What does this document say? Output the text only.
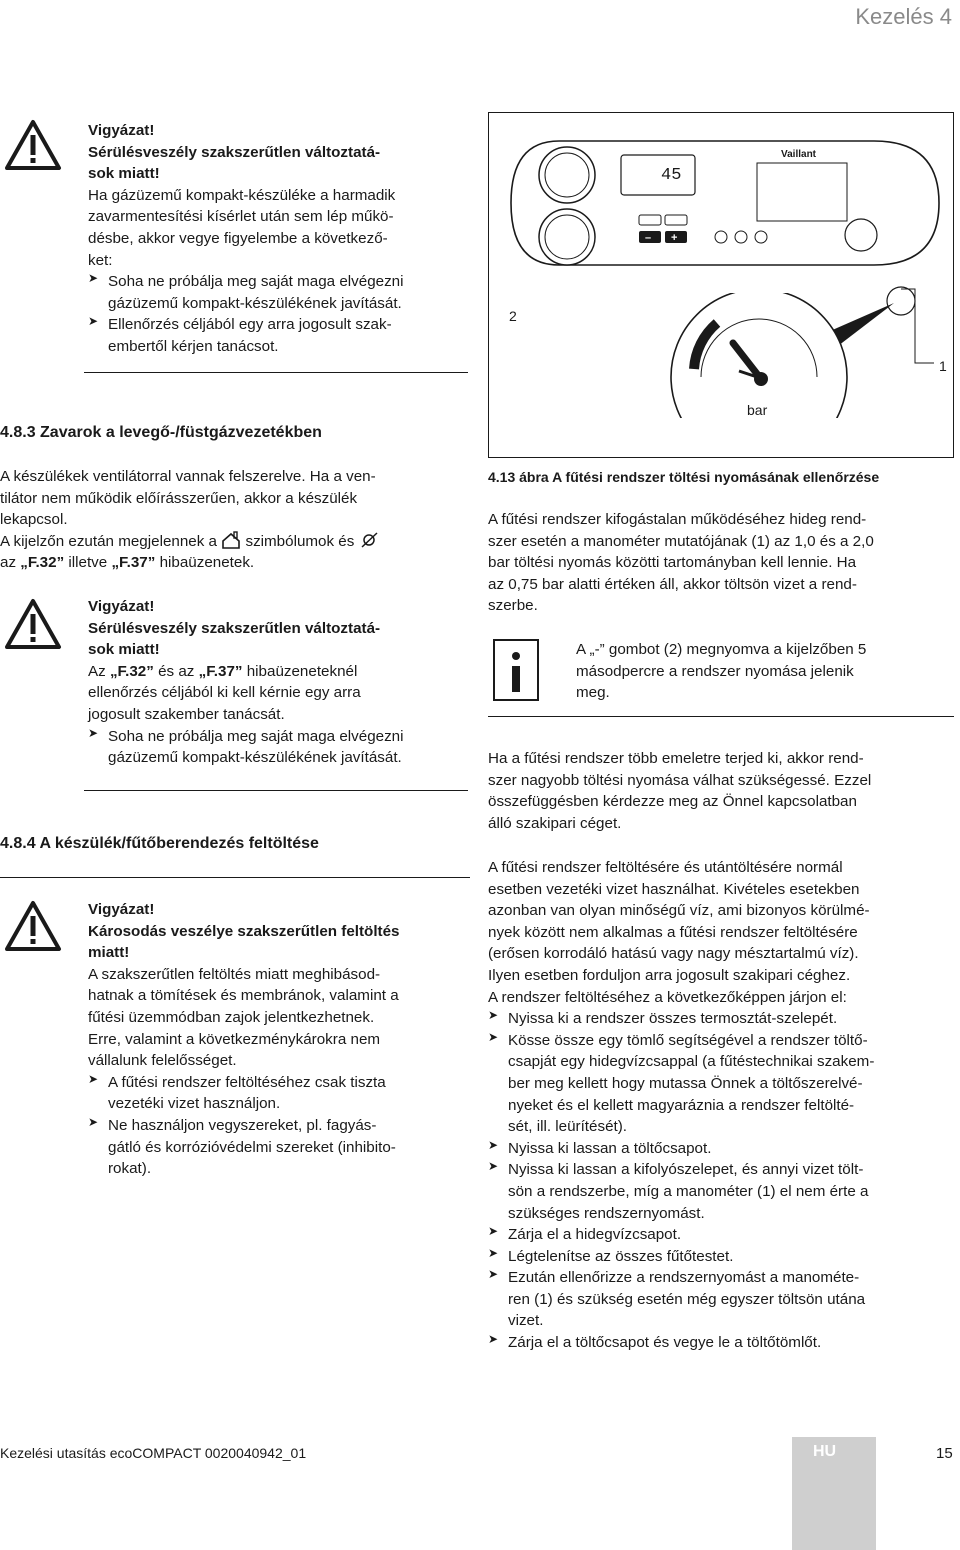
Kezelés 4

Vigyázat!

Sérülésveszély szakszerűtlen változtatá-

sok miatt!

Ha gázüzemű kompakt-készüléke a harmadik

zavarmentesítési kísérlet után sem lép műkö-

désbe, akkor vegye figyelembe a következő-

ket:

➤ Soha ne próbálja meg saját maga elvégezni

gázüzemű kompakt-készülékének javítását.

➤ Ellenőrzés céljából egy arra jogosult szak-

embertől kérjen tanácsot.

4.8.3 Zavarok a levegő-/füstgázvezetékben

A készülékek ventilátorral vannak felszerelve. Ha a ven-

tilátor nem működik előírásszerűen, akkor a készülék

lekapcsol.

A kijelzőn ezután megjelennek a szimbólumok és

az „F.32” illetve „F.37” hibaüzenetek.

Vigyázat!

Sérülésveszély szakszerűtlen változtatá-

sok miatt!

Az „F.32” és az „F.37” hibaüzeneteknél

ellenőrzés céljából ki kell kérnie egy arra

jogosult szakember tanácsát.

➤ Soha ne próbálja meg saját maga elvégezni

gázüzemű kompakt-készülékének javítását.

4.8.4 A készülék/fűtőberendezés feltöltése

Vigyázat!

Károsodás veszélye szakszerűtlen feltöltés

miatt!

A szakszerűtlen feltöltés miatt meghibásod-

hatnak a tömítések és membránok, valamint a

fűtési üzemmódban zajok jelentkezhetnek.

Erre, valamint a következménykárokra nem

vállalunk felelősséget.

➤ A fűtési rendszer feltöltéséhez csak tiszta

vezetéki vizet használjon.

➤ Ne használjon vegyszereket, pl. fagyás-

gátló és korrózióvédelmi szereket (inhibito-

rokat).

45
– +
Vaillant
2
1
bar

4.13 ábra A fűtési rendszer töltési nyomásának ellenőrzése

A fűtési rendszer kifogástalan működéséhez hideg rend-

szer esetén a manométer mutatójának (1) az 1,0 és a 2,0

bar töltési nyomás közötti tartományban kell lennie. Ha

az 0,75 bar alatti értéken áll, akkor töltsön vizet a rend-

szerbe.

A „-” gombot (2) megnyomva a kijelzőben 5

másodpercre a rendszer nyomása jelenik

meg.

Ha a fűtési rendszer több emeletre terjed ki, akkor rend-

szer nagyobb töltési nyomása válhat szükségessé. Ezzel

összefüggésben kérdezze meg az Önnel kapcsolatban

álló szakipari céget.

A fűtési rendszer feltöltésére és utántöltésére normál

esetben vezetéki vizet használhat. Kivételes esetekben

azonban van olyan minőségű víz, ami bizonyos körülmé-

nyek között nem alkalmas a fűtési rendszer feltöltésére

(erősen korrodáló hatású vagy nagy mésztartalmú víz).

Ilyen esetben forduljon arra jogosult szakipari céghez.

A rendszer feltöltéséhez a következőképpen járjon el:

➤ Nyissa ki a rendszer összes termosztát-szelepét.

➤ Kösse össze egy tömlő segítségével a rendszer töltő-

csapját egy hidegvízcsappal (a fűtéstechnikai szakem-

ber meg kellett hogy mutassa Önnek a töltőszerelvé-

nyeket és el kellett magyaráznia a rendszer feltölté-

sét, ill. leürítését).

➤ Nyissa ki lassan a töltőcsapot.

➤ Nyissa ki lassan a kifolyószelepet, és annyi vizet tölt-

sön a rendszerbe, míg a manométer (1) el nem érte a

szükséges rendszernyomást.

➤ Zárja el a hidegvízcsapot.

➤ Légtelenítse az összes fűtőtestet.

➤ Ezután ellenőrizze a rendszernyomást a manométe-

ren (1) és szükség esetén még egyszer töltsön utána

vizet.

➤ Zárja el a töltőcsapot és vegye le a töltőtömlőt.

Kezelési utasítás ecoCOMPACT 0020040942_01	HU	15
